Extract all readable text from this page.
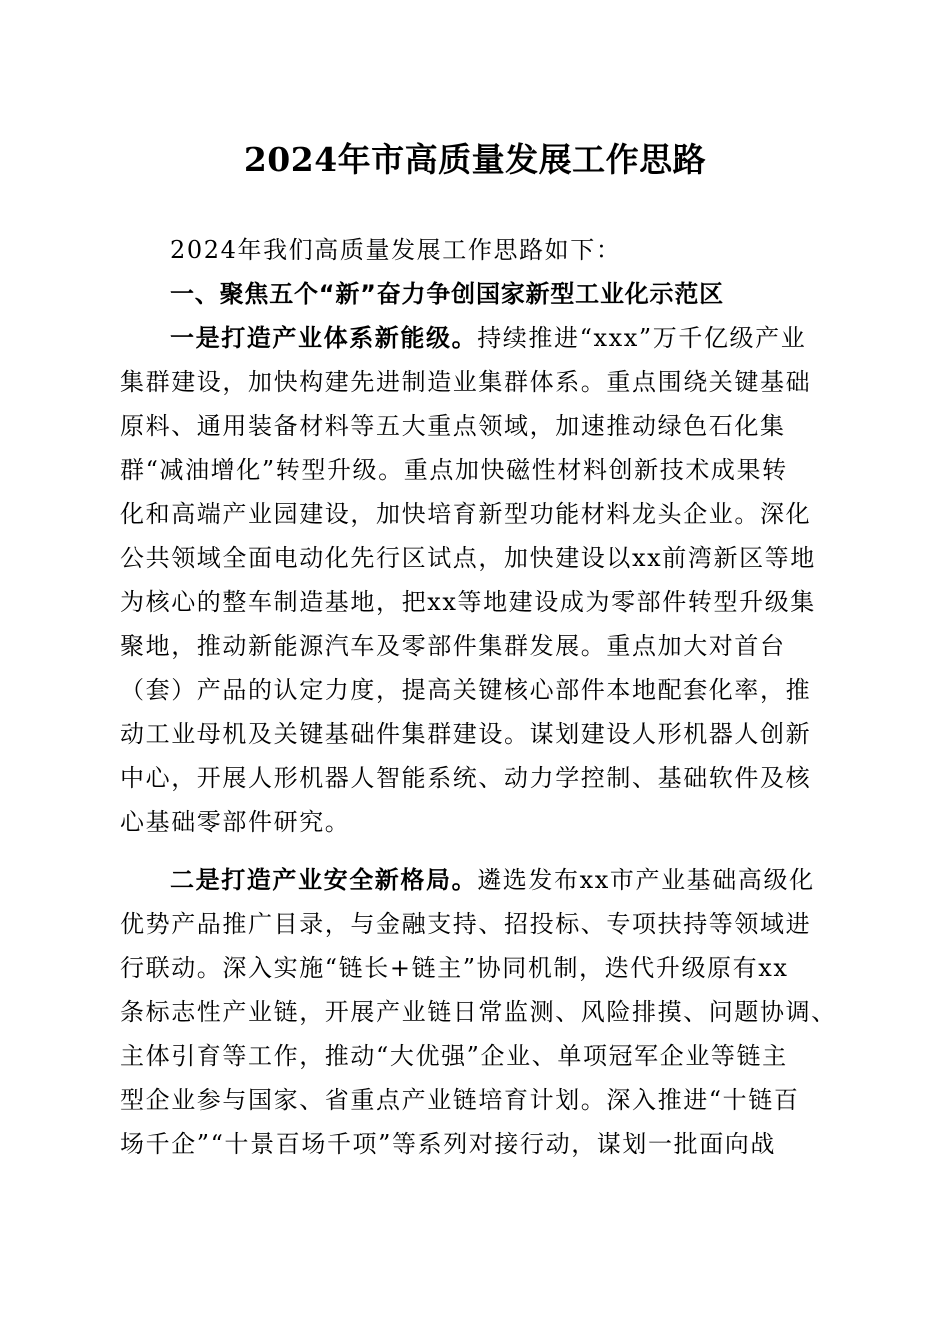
2024年市高质量发展工作思路
2024年我们高质量发展工作思路如下：
一、聚焦五个“新”奋力争创国家新型工业化示范区
一是打造产业体系新能级。持续推进“xxx”万千亿级产业
集群建设，加快构建先进制造业集群体系。重点围绕关键基础
原料、通用装备材料等五大重点领域，加速推动绿色石化集
群“减油增化”转型升级。重点加快磁性材料创新技术成果转
化和高端产业园建设，加快培育新型功能材料龙头企业。深化
公共领域全面电动化先行区试点，加快建设以xx前湾新区等地
为核心的整车制造基地，把xx等地建设成为零部件转型升级集
聚地，推动新能源汽车及零部件集群发展。重点加大对首台
（套）产品的认定力度，提高关键核心部件本地配套化率，推
动工业母机及关键基础件集群建设。谋划建设人形机器人创新
中心，开展人形机器人智能系统、动力学控制、基础软件及核
心基础零部件研究。
二是打造产业安全新格局。遴选发布xx市产业基础高级化
优势产品推广目录，与金融支持、招投标、专项扶持等领域进
行联动。深入实施“链长+链主”协同机制，迭代升级原有xx
条标志性产业链，开展产业链日常监测、风险排摸、问题协调、
主体引育等工作，推动“大优强”企业、单项冠军企业等链主
型企业参与国家、省重点产业链培育计划。深入推进“十链百
场千企”“十景百场千项”等系列对接行动，谋划一批面向战
